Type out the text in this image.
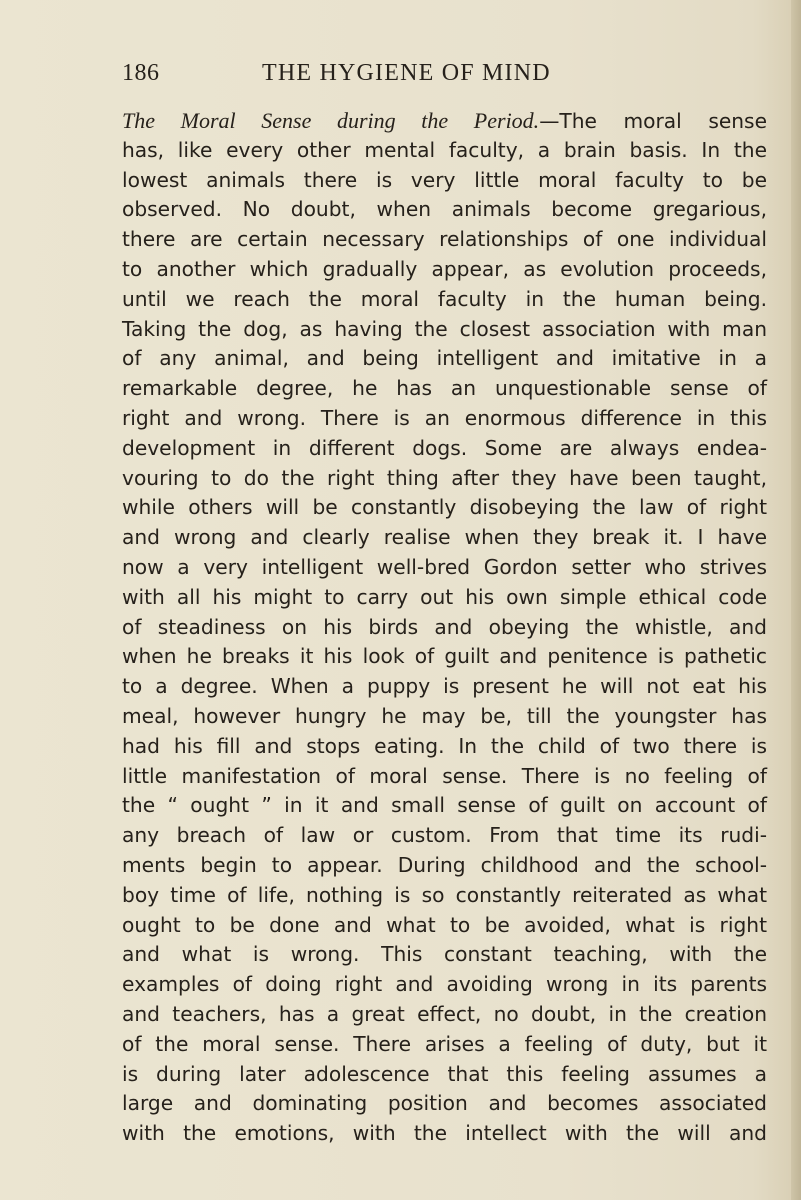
186	THE HYGIENE OF MIND
The Moral Sense during the Period.—The moral sense
has, like every other mental faculty, a brain basis. In the
lowest animals there is very little moral faculty to be
observed. No doubt, when animals become gregarious,
there are certain necessary relationships of one individual
to another which gradually appear, as evolution proceeds,
until we reach the moral faculty in the human being.
Taking the dog, as having the closest association with man
of any animal, and being intelligent and imitative in a
remarkable degree, he has an unquestionable sense of
right and wrong. There is an enormous difference in this
development in different dogs. Some are always endea-
vouring to do the right thing after they have been taught,
while others will be constantly disobeying the law of right
and wrong and clearly realise when they break it. I have
now a very intelligent well-bred Gordon setter who strives
with all his might to carry out his own simple ethical code
of steadiness on his birds and obeying the whistle, and
when he breaks it his look of guilt and penitence is pathetic
to a degree. When a puppy is present he will not eat his
meal, however hungry he may be, till the youngster has
had his fill and stops eating. In the child of two there is
little manifestation of moral sense. There is no feeling of
the “ ought ” in it and small sense of guilt on account of
any breach of law or custom. From that time its rudi-
ments begin to appear. During childhood and the school-
boy time of life, nothing is so constantly reiterated as what
ought to be done and what to be avoided, what is right
and what is wrong. This constant teaching, with the
examples of doing right and avoiding wrong in its parents
and teachers, has a great effect, no doubt, in the creation
of the moral sense. There arises a feeling of duty, but it
is during later adolescence that this feeling assumes a
large and dominating position and becomes associated
with the emotions, with the intellect with the will and
